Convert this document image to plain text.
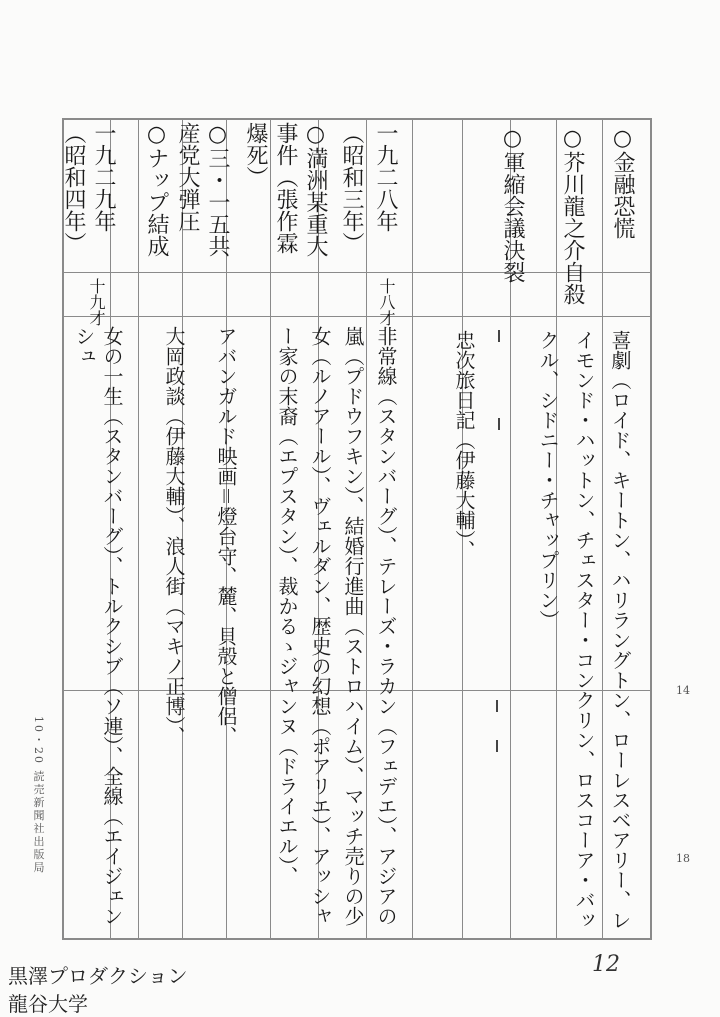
○金融恐慌
○芥川龍之介自殺
○軍縮会議決裂
喜劇（ロイド、キートン、ハリラングトン、ローレスベアリー、レイモンド・ハットン、チェスター・コンクリン、ロスコーア・バックル、シドニー・チャップリン）
忠次旅日記（伊藤大輔）、
一九二八年（昭和三年）
十八才
○満洲某重大事件（張作霖爆死）
○三・一五共産党大弾圧
○ナップ結成
非常線（スタンバーグ）、テレーズ・ラカン（フェデエ）、アジアの嵐（プドウフキン）、結婚行進曲（ストロハイム）、マッチ売りの少女（ルノアール）、ヴェルダン、歴史の幻想（ポアリエ）、アッシャー家の末裔（エプスタン）、裁かるゝジャンヌ（ドライエル）、
アバンガルド映画＝燈台守、麓、貝殻と僧侶、
大岡政談（伊藤大輔）、浪人街（マキノ正博）、
一九二九年（昭和四年）
十九才
女の一生（スタンバーグ）、トルクシブ（ソ連）、全線（エイジェンシュ
14
18
10・20 読売新聞社出版局
12
黒澤プロダクション
龍谷大学
